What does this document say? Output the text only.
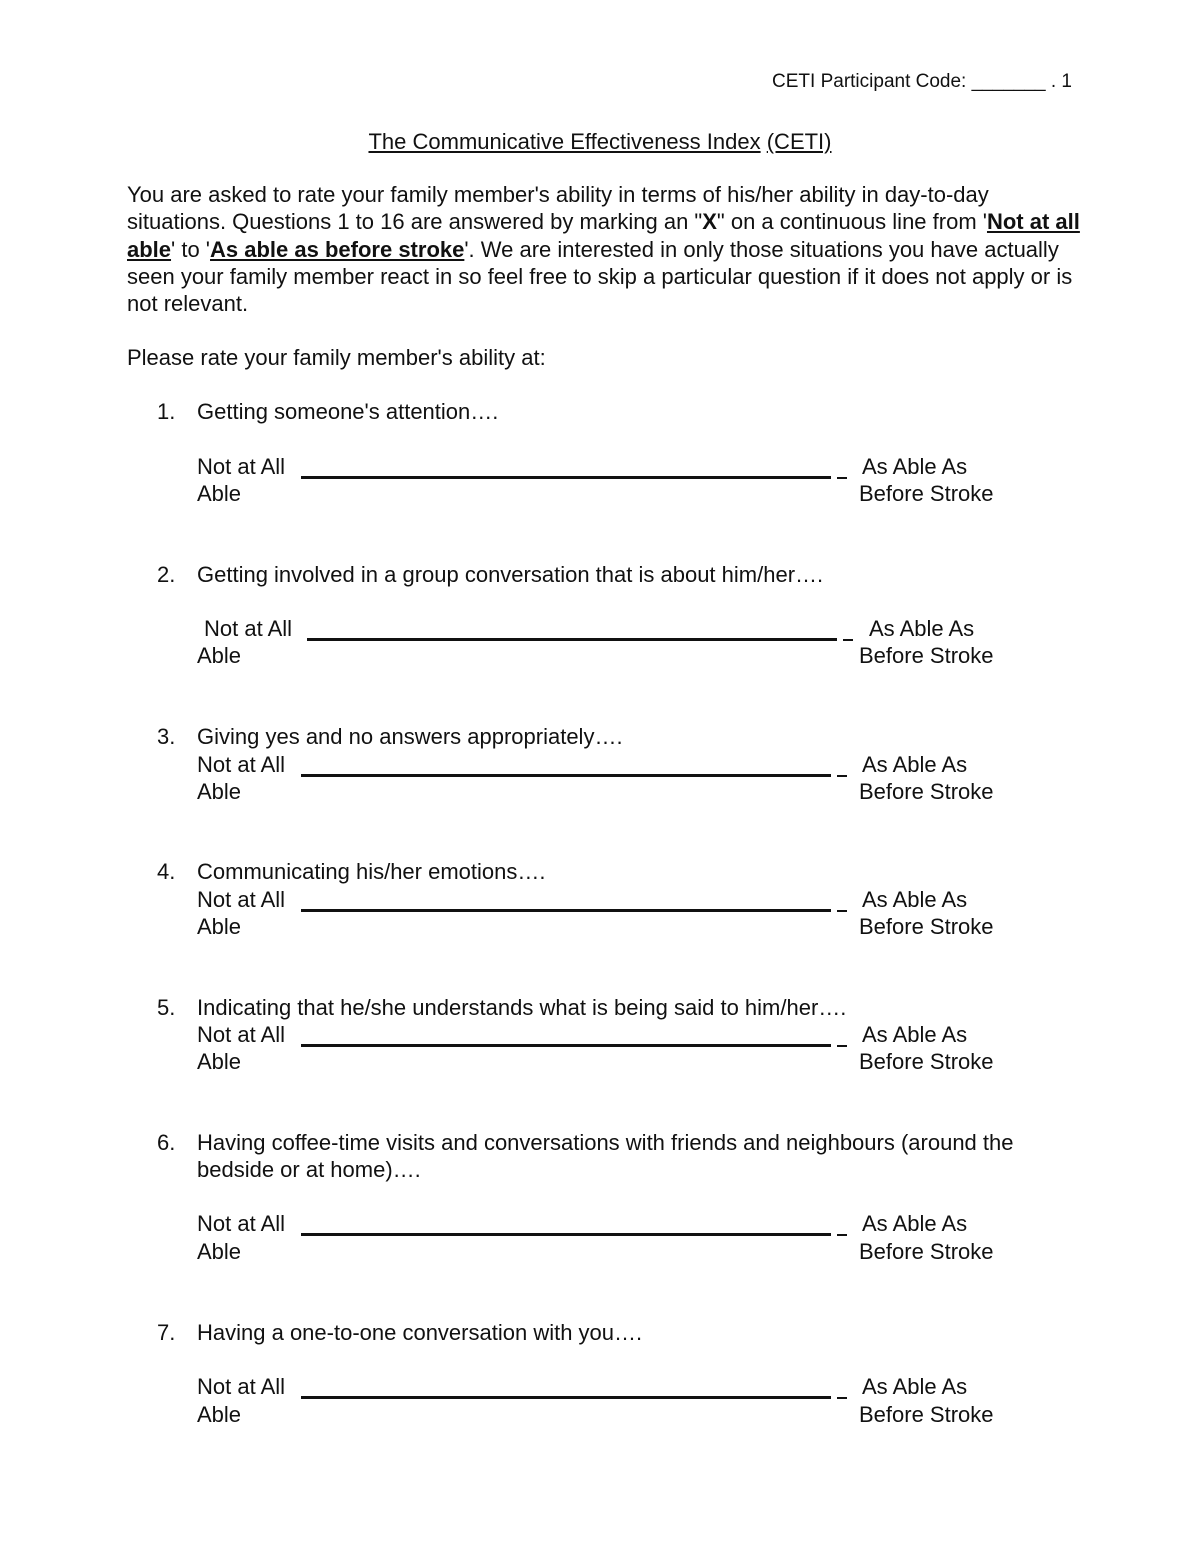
CETI Participant Code: _______ . 1
The Communicative Effectiveness Index (CETI)
You are asked to rate your family member's ability in terms of his/her ability in day-to-day situations. Questions 1 to 16 are answered by marking an "X" on a continuous line from 'Not at all able' to 'As able as before stroke'. We are interested in only those situations you have actually seen your family member react in so feel free to skip a particular question if it does not apply or is not relevant.
Please rate your family member's ability at:
1. Getting someone's attention….
Not at All	As Able As
Able	Before Stroke
2. Getting involved in a group conversation that is about him/her….
Not at All	As Able As
Able	Before Stroke
3. Giving yes and no answers appropriately….
Not at All	As Able As
Able	Before Stroke
4. Communicating his/her emotions….
Not at All	As Able As
Able	Before Stroke
5. Indicating that he/she understands what is being said to him/her….
Not at All	As Able As
Able	Before Stroke
6. Having coffee-time visits and conversations with friends and neighbours (around the bedside or at home)….
Not at All	As Able As
Able	Before Stroke
7. Having a one-to-one conversation with you….
Not at All	As Able As
Able	Before Stroke
